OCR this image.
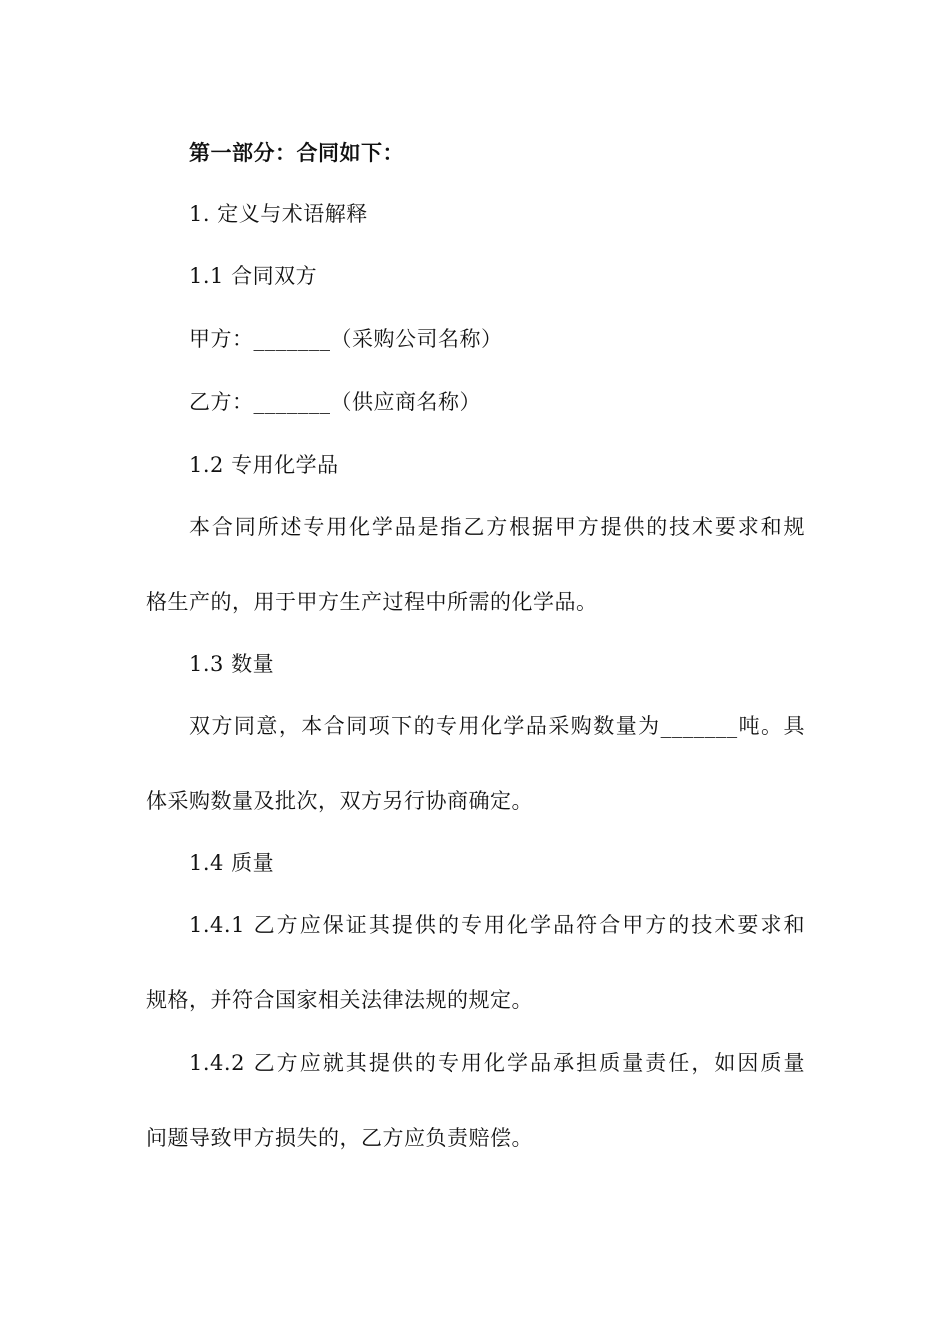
第一部分：合同如下：
1. 定义与术语解释
1.1 合同双方
甲方：_______（采购公司名称）
乙方：_______（供应商名称）
1.2 专用化学品
本合同所述专用化学品是指乙方根据甲方提供的技术要求和规
格生产的，用于甲方生产过程中所需的化学品。
1.3 数量
双方同意，本合同项下的专用化学品采购数量为_______吨。具
体采购数量及批次，双方另行协商确定。
1.4 质量
1.4.1 乙方应保证其提供的专用化学品符合甲方的技术要求和
规格，并符合国家相关法律法规的规定。
1.4.2 乙方应就其提供的专用化学品承担质量责任，如因质量
问题导致甲方损失的，乙方应负责赔偿。
